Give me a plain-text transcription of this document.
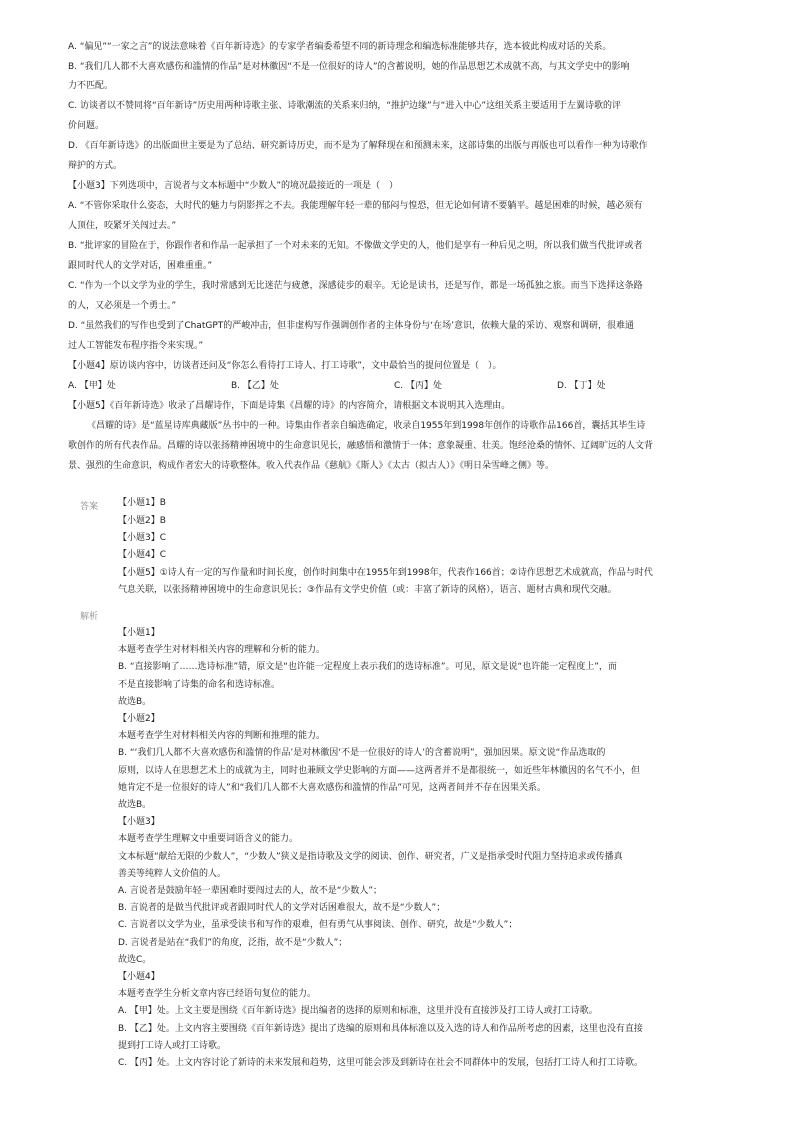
A. “偏见”“一家之言”的说法意味着《百年新诗选》的专家学者编委希望不同的新诗理念和编选标准能够共存，选本彼此构成对话的关系。
B. “我们几人都不大喜欢感伤和滥情的作品”是对林徽因“不是一位很好的诗人”的含蓄说明，她的作品思想艺术成就不高，与其文学史中的影响
力不匹配。
C. 访谈者以不赞同将“百年新诗”历史用两种诗歌主张、诗歌潮流的关系来归纳，“推护边缘”与“进入中心”这组关系主要适用于左翼诗歌的评
价问题。
D. 《百年新诗选》的出版面世主要是为了总结、研究新诗历史，而不是为了解释现在和预测未来，这部诗集的出版与再版也可以看作一种为诗歌作
辩护的方式。
【小题3】下列选项中，言说者与文本标题中“少数人”的境况最接近的一项是（　）
A. “不管你采取什么姿态，大时代的魅力与阴影挥之不去。我能理解年轻一辈的郁闷与惶恐，但无论如何请不要躺平。越是困难的时候，越必须有
人顶住，咬紧牙关闯过去。”
B. “批评家的冒险在于，你跟作者和作品一起承担了一个对未来的无知。不像做文学史的人，他们是享有一种后见之明，所以我们做当代批评或者
跟同时代人的文学对话，困难重重。”
C. “作为一个以文学为业的学生，我时常感到无比迷茫与疲惫，深感徒步的艰辛。无论是读书，还是写作，都是一场孤独之旅。而当下选择这条路
的人，又必须是一个勇士。”
D. “虽然我们的写作也受到了ChatGPT的严峻冲击，但非虚构写作强调创作者的主体身份与‘在场’意识，依赖大量的采访、观察和调研，很难通
过人工智能发布程序指令来实现。”
【小题4】原访谈内容中，访谈者还问及“你怎么看待打工诗人、打工诗歌”，文中最恰当的提问位置是（　）。
A. 【甲】处	B. 【乙】处	C. 【丙】处	D. 【丁】处
【小题5】《百年新诗选》收录了昌耀诗作，下面是诗集《昌耀的诗》的内容简介，请根据文本说明其入选理由。
《昌耀的诗》是“蓝星诗库典藏版”丛书中的一种。诗集由作者亲自编选确定，收录自1955年到1998年创作的诗歌作品166首，囊括其毕生诗
歌创作的所有代表作品。昌耀的诗以张扬精神困境中的生命意识见长，融感悟和激情于一体；意象凝重、壮美。饱经沧桑的情怀、辽阔旷远的人文背
景、强烈的生命意识，构成作者宏大的诗歌整体。收入代表作品《慈航》《斯人》《太古（拟古人）》《明日朵雪峰之侧》等。
答案 【小题1】B
【小题2】B
【小题3】C
【小题4】C
【小题5】①诗人有一定的写作量和时间长度，创作时间集中在1955年到1998年，代表作166首；②诗作思想艺术成就高，作品与时代
气息关联，以张扬精神困境中的生命意识见长；③作品有文学史价值（或：丰富了新诗的风格），语言、题材古典和现代交融。
解析
【小题1】
本题考查学生对材料相关内容的理解和分析的能力。
B. “直接影响了……选诗标准”错，原文是“也许能一定程度上表示我们的选诗标准”。可见，原文是说“也许能一定程度上”，而
不是直接影响了诗集的命名和选诗标准。
故选B。
【小题2】
本题考查学生对材料相关内容的判断和推理的能力。
B. “‘我们几人都不大喜欢感伤和滥情的作品’是对林徽因‘不是一位很好的诗人’的含蓄说明”，强加因果。原文说“作品选取的
原则，以诗人在思想艺术上的成就为主，同时也兼顾文学史影响的方面——这两者并不是都很统一，如近些年林徽因的名气不小，但
她肯定不是一位很好的诗人”和“我们几人都不大喜欢感伤和滥情的作品”可见，这两者间并不存在因果关系。
故选B。
【小题3】
本题考查学生理解文中重要词语含义的能力。
文本标题“献给无限的少数人”，“少数人”狭义是指诗歌及文学的阅读、创作、研究者，广义是指承受时代阻力坚持追求或传播真
善美等纯粹人文价值的人。
A. 言说者是鼓励年轻一辈困难时要闯过去的人，故不是“少数人”；
B. 言说者的是做当代批评或者跟同时代人的文学对话困难很大，故不是“少数人”；
C. 言说者以文学为业，虽承受读书和写作的艰难，但有勇气从事阅读、创作、研究，故是“少数人”；
D. 言说者是站在“我们”的角度，泛指，故不是“少数人”；
故选C。
【小题4】
本题考查学生分析文章内容已经语句复位的能力。
A. 【甲】处。上文主要是围绕《百年新诗选》提出编者的选择的原则和标准，这里并没有直接涉及打工诗人或打工诗歌。
B. 【乙】处。上文内容主要围绕《百年新诗选》提出了选编的原则和具体标准以及入选的诗人和作品所考虑的因素，这里也没有直接
提到打工诗人或打工诗歌。
C. 【丙】处。上文内容讨论了新诗的未来发展和趋势，这里可能会涉及到新诗在社会不同群体中的发展，包括打工诗人和打工诗歌。
